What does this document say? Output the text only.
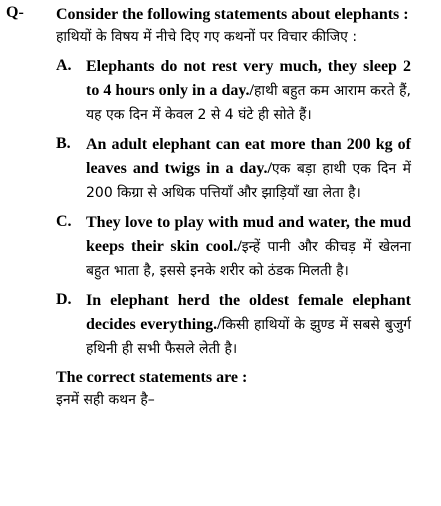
Q- Consider the following statements about elephants :
हाथियों के विषय में नीचे दिए गए कथनों पर विचार कीजिए :
A. Elephants do not rest very much, they sleep 2 to 4 hours only in a day./हाथी बहुत कम आराम करते हैं, यह एक दिन में केवल 2 से 4 घंटे ही सोते हैं।
B. An adult elephant can eat more than 200 kg of leaves and twigs in a day./एक बड़ा हाथी एक दिन में 200 किग्रा से अधिक पत्तियाँ और झाड़ियाँ खा लेता है।
C. They love to play with mud and water, the mud keeps their skin cool./इन्हें पानी और कीचड़ में खेलना बहुत भाता है, इससे इनके शरीर को ठंडक मिलती है।
D. In elephant herd the oldest female elephant decides everything./किसी हाथियों के झुण्ड में सबसे बुजुर्ग हथिनी ही सभी फैसले लेती है।
The correct statements are :
इनमें सही कथन है–
